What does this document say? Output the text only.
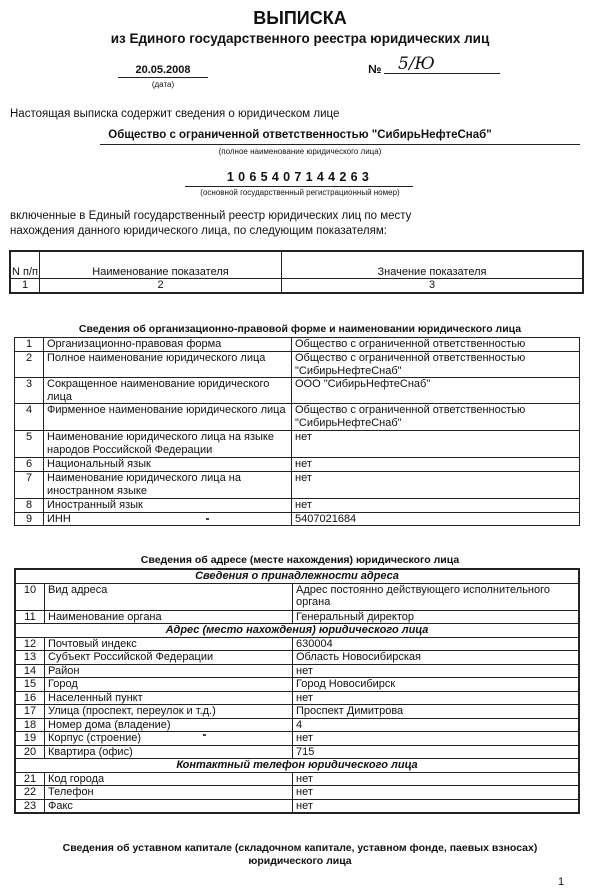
ВЫПИСКА
из Единого государственного реестра юридических лиц
20.05.2008
(дата)
№ 5/Ю
Настоящая выписка содержит сведения о юридическом лице
Общество с ограниченной ответственностью "СибирьНефтеСнаб"
(полное наименование юридического лица)
1065407144263
(основной государственный регистрационный номер)
включенные в Единый государственный реестр юридических лиц по месту
нахождения данного юридического лица, по следующим показателям:
N п/п	Наименование показателя	Значение показателя
1	2	3
Сведения об организационно-правовой форме и наименовании юридического лица
1	Организационно-правовая форма	Общество с ограниченной ответственностью
2	Полное наименование юридического лица	Общество с ограниченной ответственностью "СибирьНефтеСнаб"
3	Сокращенное наименование юридического лица	ООО "СибирьНефтеСнаб"
4	Фирменное наименование юридического лица	Общество с ограниченной ответственностью "СибирьНефтеСнаб"
5	Наименование юридического лица на языке народов Российской Федерации	нет
6	Национальный язык	нет
7	Наименование юридического лица на иностранном языке	нет
8	Иностранный язык	нет
9	ИНН	5407021684
Сведения об адресе (месте нахождения) юридического лица
Сведения о принадлежности адреса		
10	Вид адреса	Адрес постоянно действующего исполнительного органа
11	Наименование органа	Генеральный директор
Адрес (место нахождения) юридического лица		
12	Почтовый индекс	630004
13	Субъект Российской Федерации	Область Новосибирская
14	Район	нет
15	Город	Город Новосибирск
16	Населенный пункт	нет
17	Улица (проспект, переулок и т.д.)	Проспект Димитрова
18	Номер дома (владение)	4
19	Корпус (строение)	нет
20	Квартира (офис)	715
Контактный телефон юридического лица		
21	Код города	нет
22	Телефон	нет
23	Факс	нет
Сведения об уставном капитале (складочном капитале, уставном фонде, паевых взносах)
юридического лица
1
